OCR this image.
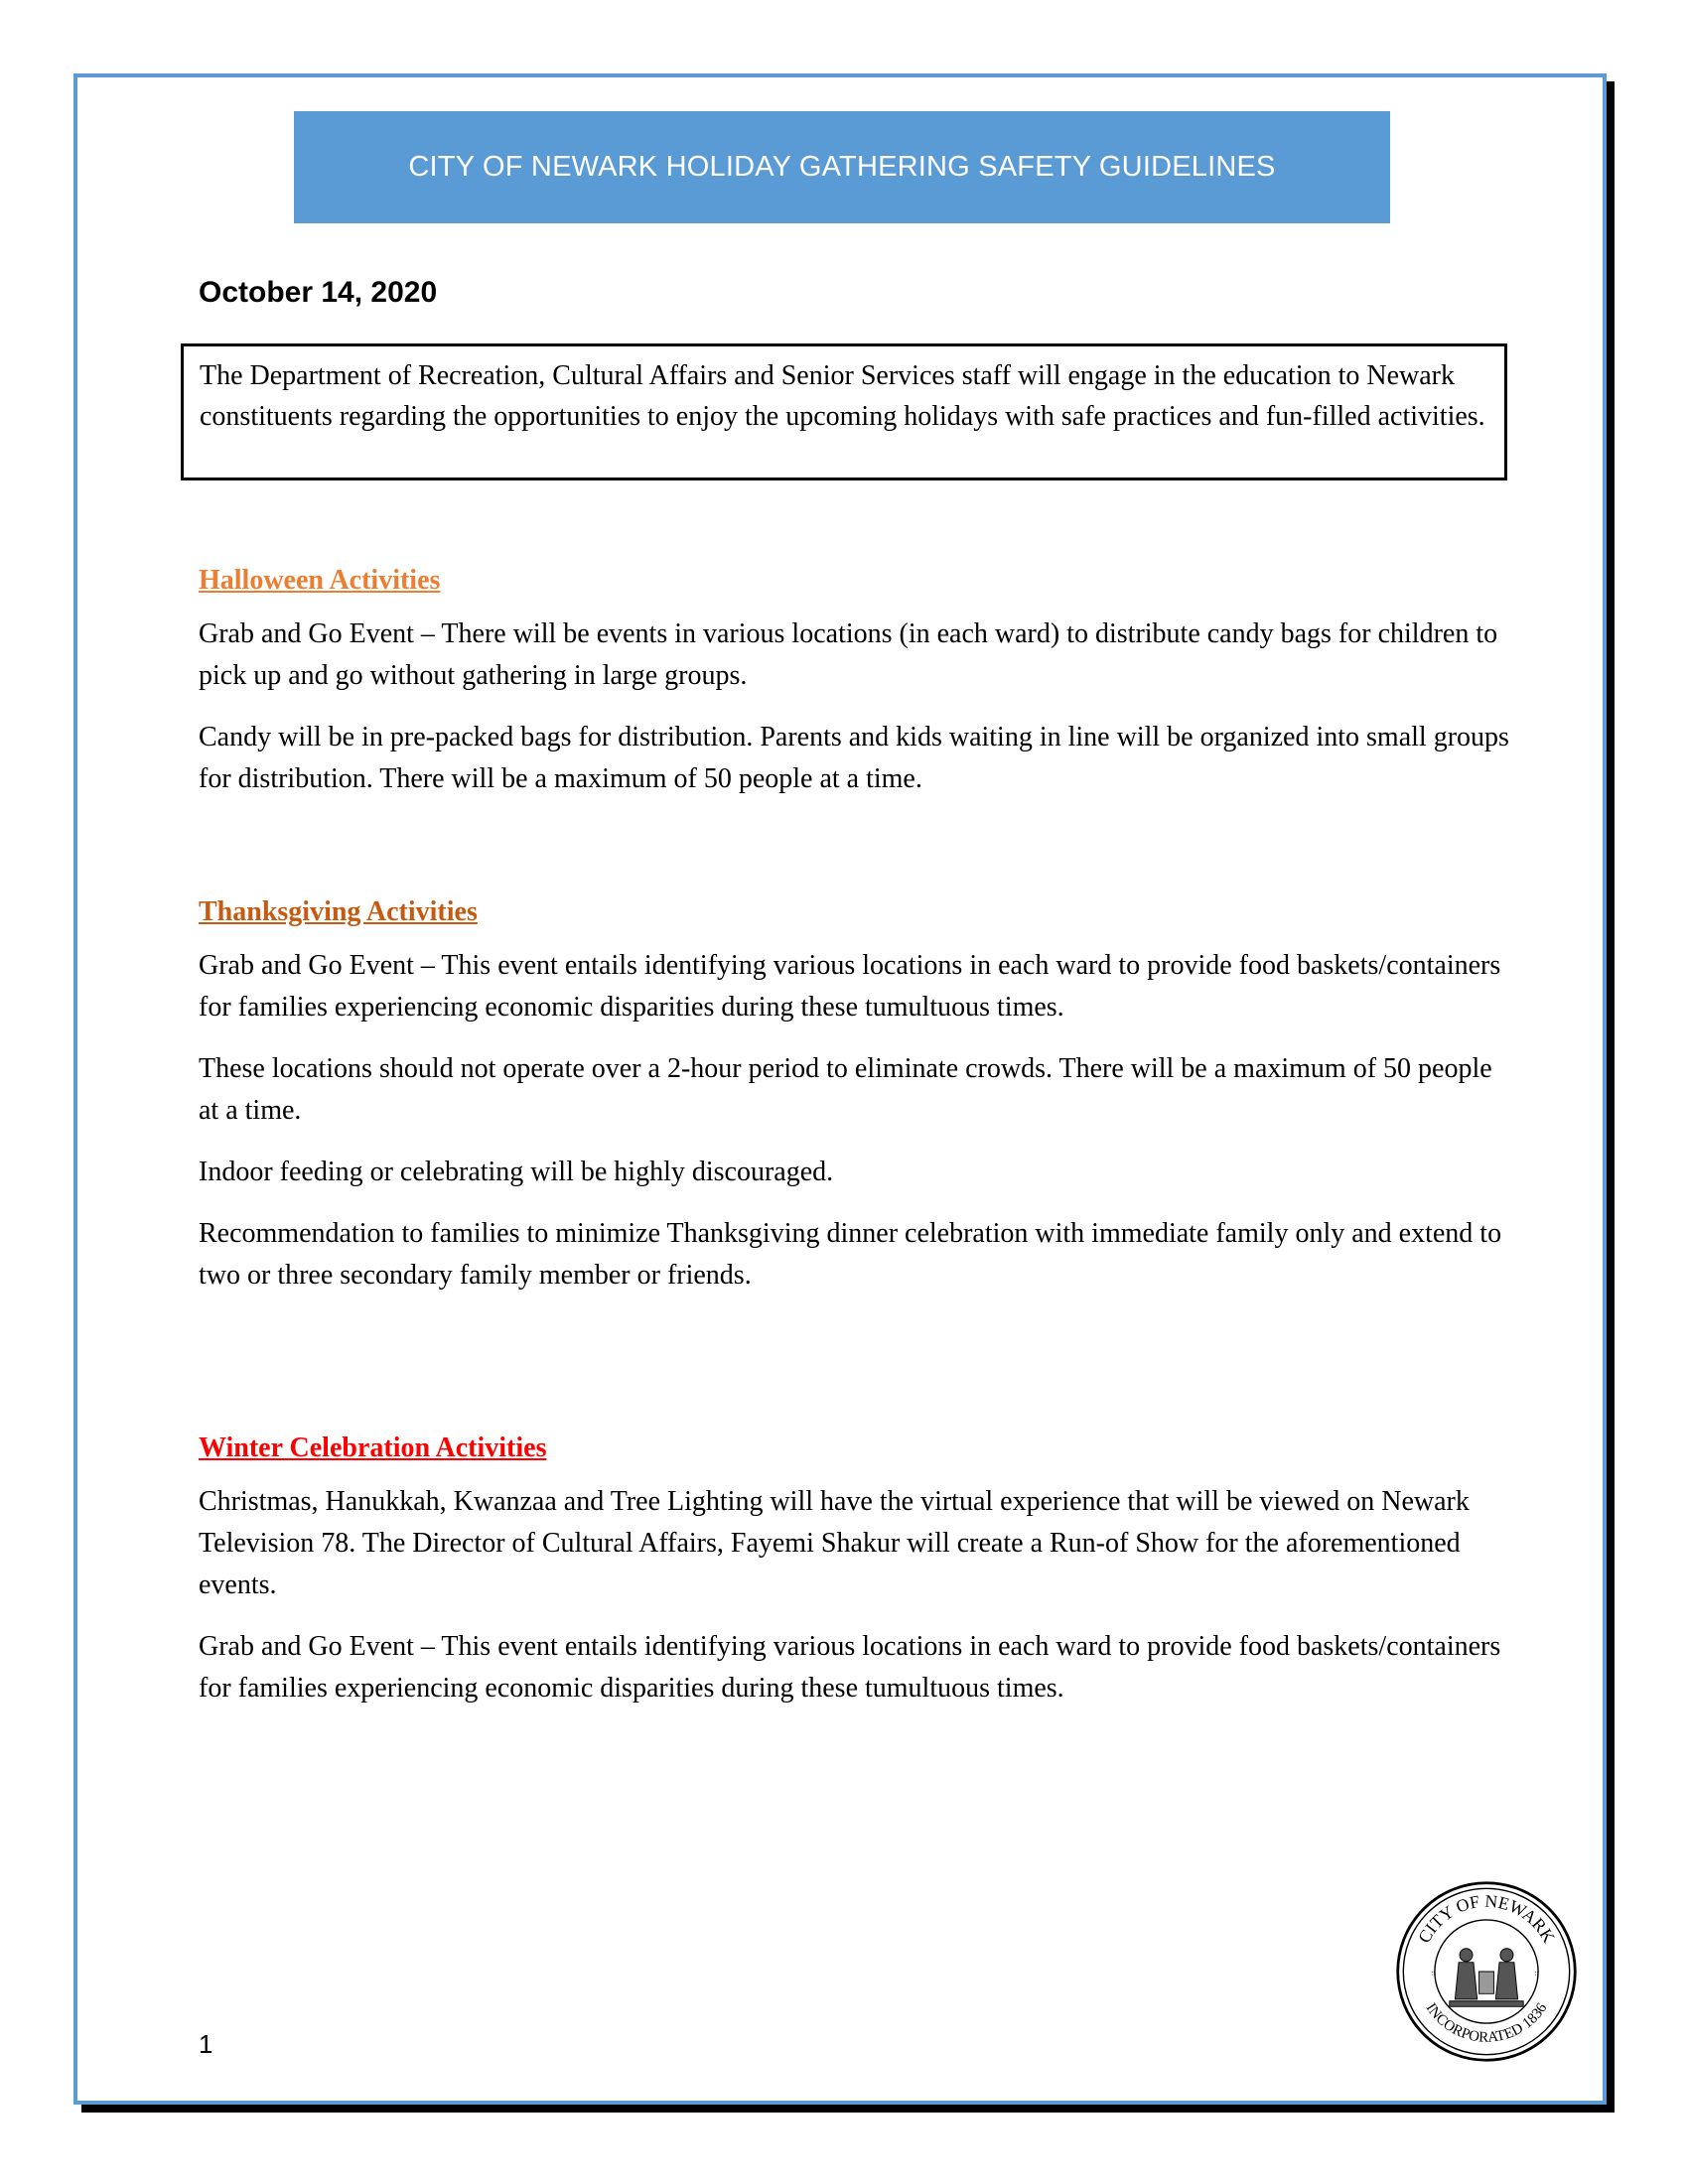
CITY OF NEWARK HOLIDAY GATHERING SAFETY GUIDELINES
October 14, 2020
The Department of Recreation, Cultural Affairs and Senior Services staff will engage in the education to Newark constituents regarding the opportunities to enjoy the upcoming holidays with safe practices and fun-filled activities.
Halloween Activities

Grab and Go Event – There will be events in various locations (in each ward) to distribute candy bags for children to pick up and go without gathering in large groups.

Candy will be in pre-packed bags for distribution. Parents and kids waiting in line will be organized into small groups for distribution. There will be a maximum of 50 people at a time.

Thanksgiving Activities

Grab and Go Event – This event entails identifying various locations in each ward to provide food baskets/containers for families experiencing economic disparities during these tumultuous times.

These locations should not operate over a 2-hour period to eliminate crowds. There will be a maximum of 50 people at a time.

Indoor feeding or celebrating will be highly discouraged.

Recommendation to families to minimize Thanksgiving dinner celebration with immediate family only and extend to two or three secondary family member or friends.

Winter Celebration Activities

Christmas, Hanukkah, Kwanzaa and Tree Lighting will have the virtual experience that will be viewed on Newark Television 78. The Director of Cultural Affairs, Fayemi Shakur will create a Run-of Show for the aforementioned events.

Grab and Go Event – This event entails identifying various locations in each ward to provide food baskets/containers for families experiencing economic disparities during these tumultuous times.

1
CITY OF NEWARK
INCORPORATED 1836
::	::
